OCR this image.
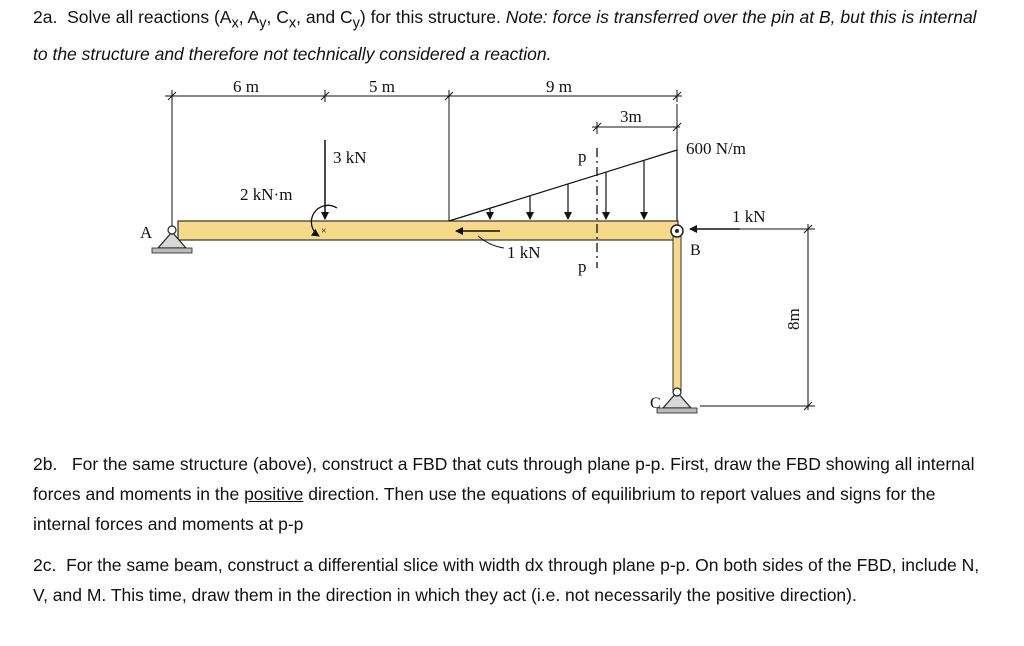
2a. Solve all reactions ($A_x$, $A_y$, $C_x$, and $C_y$) for this structure. Note: force is transferred over the pin at B, but this is internal to the structure and therefore not technically considered a reaction.

6 m	5 m	9 m
3m
B
A
C
3 kN
2 kN·m
×
600 N/m
1 kN
p
p
1 kN
8m

2b. For the same structure (above), construct a FBD that cuts through plane p-p. First, draw the FBD showing all internal forces and moments in the positive direction. Then use the equations of equilibrium to report values and signs for the internal forces and moments at p-p

2c. For the same beam, construct a differential slice with width dx through plane p-p. On both sides of the FBD, include N, V, and M. This time, draw them in the direction in which they act (i.e. not necessarily the positive direction).
